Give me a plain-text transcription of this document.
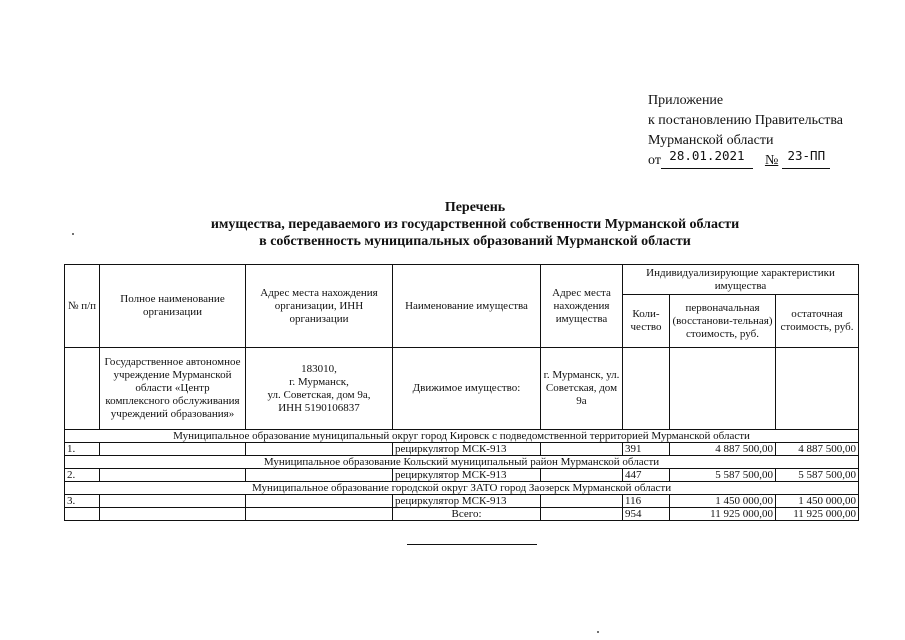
Приложение
к постановлению Правительства
Мурманской области
от 28.01.2021 № 23-ПП
Перечень
имущества, передаваемого из государственной собственности Мурманской области
в собственность муниципальных образований Мурманской области
№ п/п	Полное наименование организации	Адрес места нахождения организации, ИНН организации	Наименование имущества	Адрес места нахождения имущества	Индивидуализирующие характеристики имущества		
					Коли-чество	первоначальная (восстанови-тельная) стоимость, руб.	остаточная стоимость, руб.
	Государственное автономное учреждение Мурманской области «Центр комплексного обслуживания учреждений образования»	183010,
г. Мурманск,
ул. Советская, дом 9а,
ИНН 5190106837	Движимое имущество:	г. Мурманск, ул. Советская, дом 9а			
Муниципальное образование муниципальный округ город Кировск с подведомственной территорией Мурманской области							
1.			рециркулятор МСК-913		391	4 887 500,00	4 887 500,00
Муниципальное образование Кольский муниципальный район Мурманской области							
2.			рециркулятор МСК-913		447	5 587 500,00	5 587 500,00
Муниципальное образование городской округ ЗАТО город Заозерск Мурманской области							
3.			рециркулятор МСК-913		116	1 450 000,00	1 450 000,00
			Всего:		954	11 925 000,00	11 925 000,00
